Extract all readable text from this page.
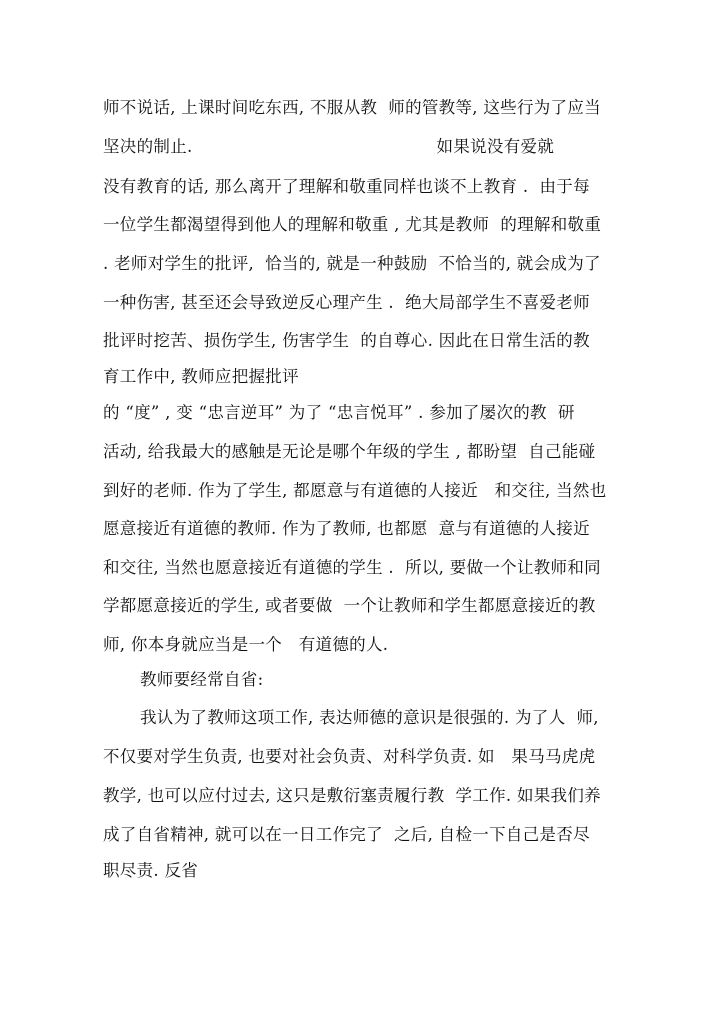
师不说话, 上课时间吃东西, 不服从教  师的管教等, 这些行为了应当
坚决的制止.                                            如果说没有爱就
没有教育的话, 那么离开了理解和敬重同样也谈不上教育 .  由于每
一位学生都渴望得到他人的理解和敬重 , 尤其是教师  的理解和敬重
. 老师对学生的批评,  恰当的, 就是一种鼓励  不恰当的, 就会成为了
一种伤害, 甚至还会导致逆反心理产生 .  绝大局部学生不喜爱老师
批评时挖苦、损伤学生, 伤害学生  的自尊心. 因此在日常生活的教
育工作中, 教师应把握批评
的 “度” , 变 “忠言逆耳” 为了 “忠言悦耳” . 参加了屡次的教  研
活动, 给我最大的感触是无论是哪个年级的学生 , 都盼望  自己能碰
到好的老师. 作为了学生, 都愿意与有道德的人接近   和交往, 当然也
愿意接近有道德的教师. 作为了教师, 也都愿  意与有道德的人接近
和交往, 当然也愿意接近有道德的学生 .  所以, 要做一个让教师和同
学都愿意接近的学生, 或者要做  一个让教师和学生都愿意接近的教
师, 你本身就应当是一个   有道德的人.
教师要经常自省:
我认为了教师这项工作, 表达师德的意识是很强的. 为了人  师,
不仅要对学生负责, 也要对社会负责、对科学负责. 如   果马马虎虎
教学, 也可以应付过去, 这只是敷衍塞责履行教  学工作. 如果我们养
成了自省精神, 就可以在一日工作完了  之后, 自检一下自己是否尽
职尽责. 反省
